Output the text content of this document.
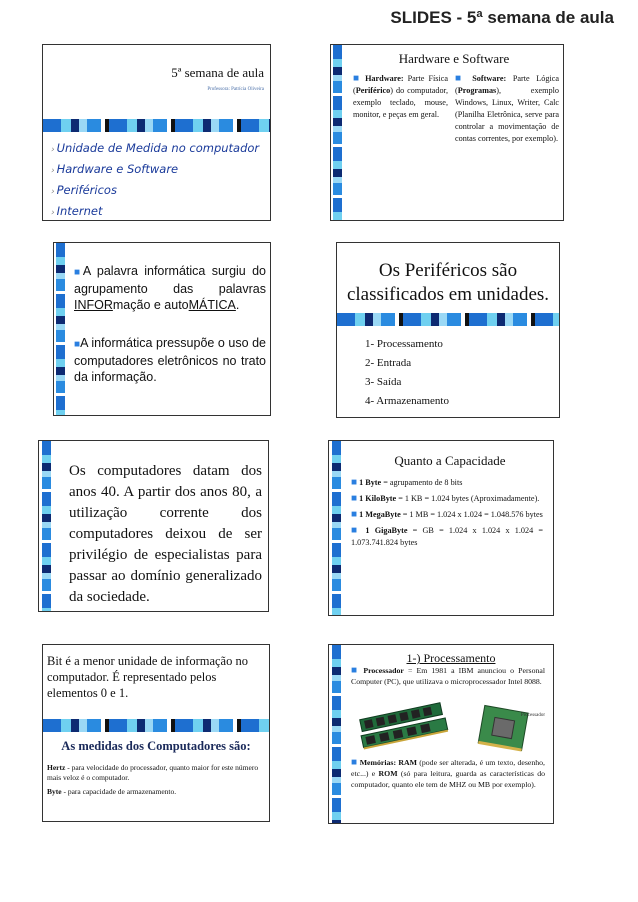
SLIDES - 5ª semana de aula
5ª semana de aula
Professora: Patrícia Oliveira
› Unidade de Medida no computador
› Hardware e Software
› Periféricos
› Internet
Hardware e Software
■ Hardware: Parte Física (Periférico) do computador, exemplo teclado, mouse, monitor, e peças em geral.
■ Software: Parte Lógica (Programas), exemplo Windows, Linux, Writer, Calc (Planilha Eletrônica, serve para controlar a movimentação de contas correntes, por exemplo).
■A palavra informática surgiu do agrupamento das palavras INFORmação e autoMÁTICA.
■A informática pressupõe o uso de computadores eletrônicos no trato da informação.
Os Periféricos são classificados em unidades.
1- Processamento
2- Entrada
3- Saída
4- Armazenamento
Os computadores datam dos anos 40. A partir dos anos 80, a utilização corrente dos computadores deixou de ser privilégio de especialistas para passar ao domínio generalizado da sociedade.
Quanto a Capacidade
■ 1 Byte = agrupamento de 8 bits
■ 1 KiloByte = 1 KB = 1.024 bytes (Aproximadamente).
■ 1 MegaByte = 1 MB = 1.024 x 1.024 = 1.048.576 bytes
■ 1 GigaByte = GB = 1.024 x 1.024 x 1.024 = 1.073.741.824 bytes
Bit é a menor unidade de informação no computador. É representado pelos elementos 0 e 1.
As medidas dos Computadores são:
Hertz - para velocidade do processador, quanto maior for este número mais veloz é o computador.
Byte - para capacidade de armazenamento.
1-) Processamento
■ Processador = Em 1981 a IBM anunciou o Personal Computer (PC), que utilizava o microprocessador Intel 8088.
Processador
■ Memórias: RAM (pode ser alterada, é um texto, desenho, etc...) e ROM (só para leitura, guarda as características do computador, quanto ele tem de MHZ ou MB por exemplo).
